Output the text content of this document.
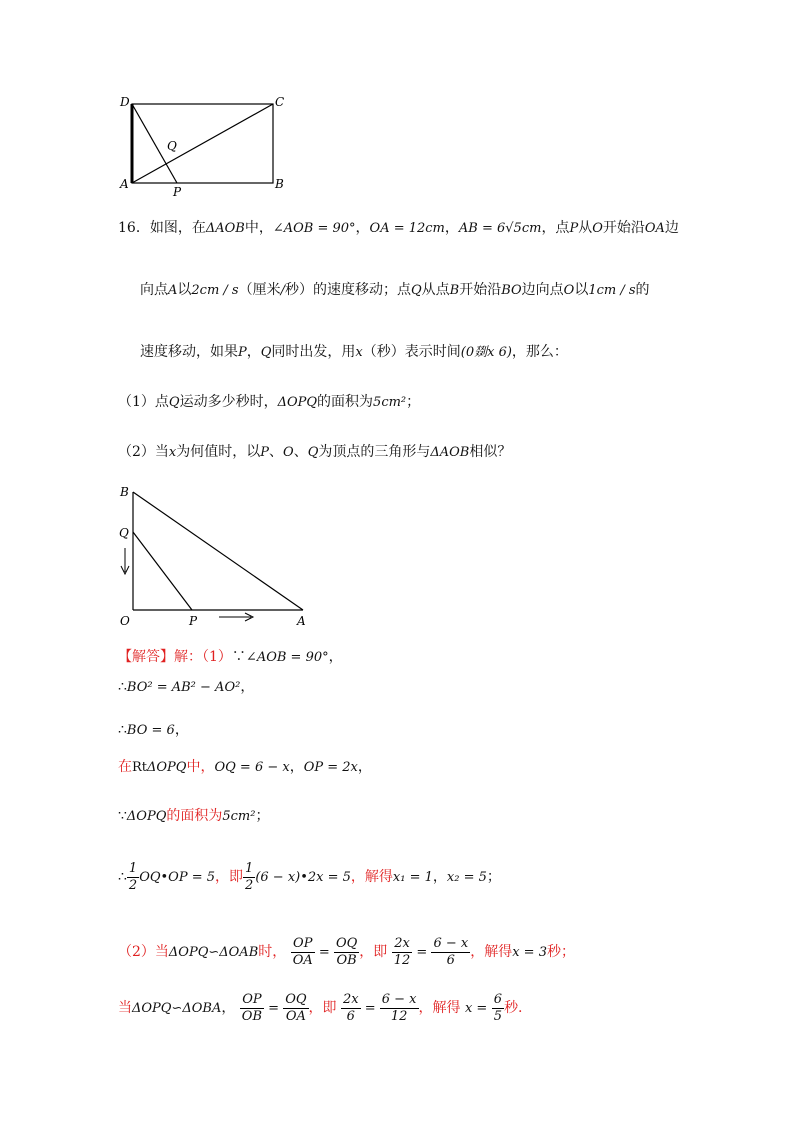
D	C
Q
A
P
B
16．如图，在ΔAOB中，∠AOB = 90°，OA = 12cm，AB = 6√5cm，点P从O开始沿OA边
向点A以2cm / s（厘米/秒）的速度移动；点Q从点B开始沿BO边向点O以1cm / s的
速度移动，如果P，Q同时出发，用x（秒）表示时间(0剟x 6)，那么：
（1）点Q运动多少秒时，ΔOPQ的面积为5cm²；
（2）当x为何值时，以P、O、Q为顶点的三角形与ΔAOB相似？
B
Q
O	P	A
【解答】解：（1）∵∠AOB = 90°，
∴BO² = AB² − AO²，
∴BO = 6，
在RtΔOPQ中，OQ = 6 − x，OP = 2x，
∵ΔOPQ的面积为5cm²；
∴ $\frac{1}{2}$ OQ•OP = 5，即 $\frac{1}{2} (6$ − x)•2x = 5，解得x₁ = 1，x₂ = 5；
（2）当ΔOPQ∽ΔOAB时， $\frac{OP}{OA} = \frac{OQ}{OB}$ ，即 $\frac{2x}{12} = \frac{6 - x}{6}$ ，解得x = 3秒；
当ΔOPQ∽ΔOBA， $\frac{OP}{OB} = \frac{OQ}{OA}$ ，即 $\frac{2x}{6} = \frac{6 - x}{12}$ ，解得 $x = \frac{6}{5}$ 秒.
